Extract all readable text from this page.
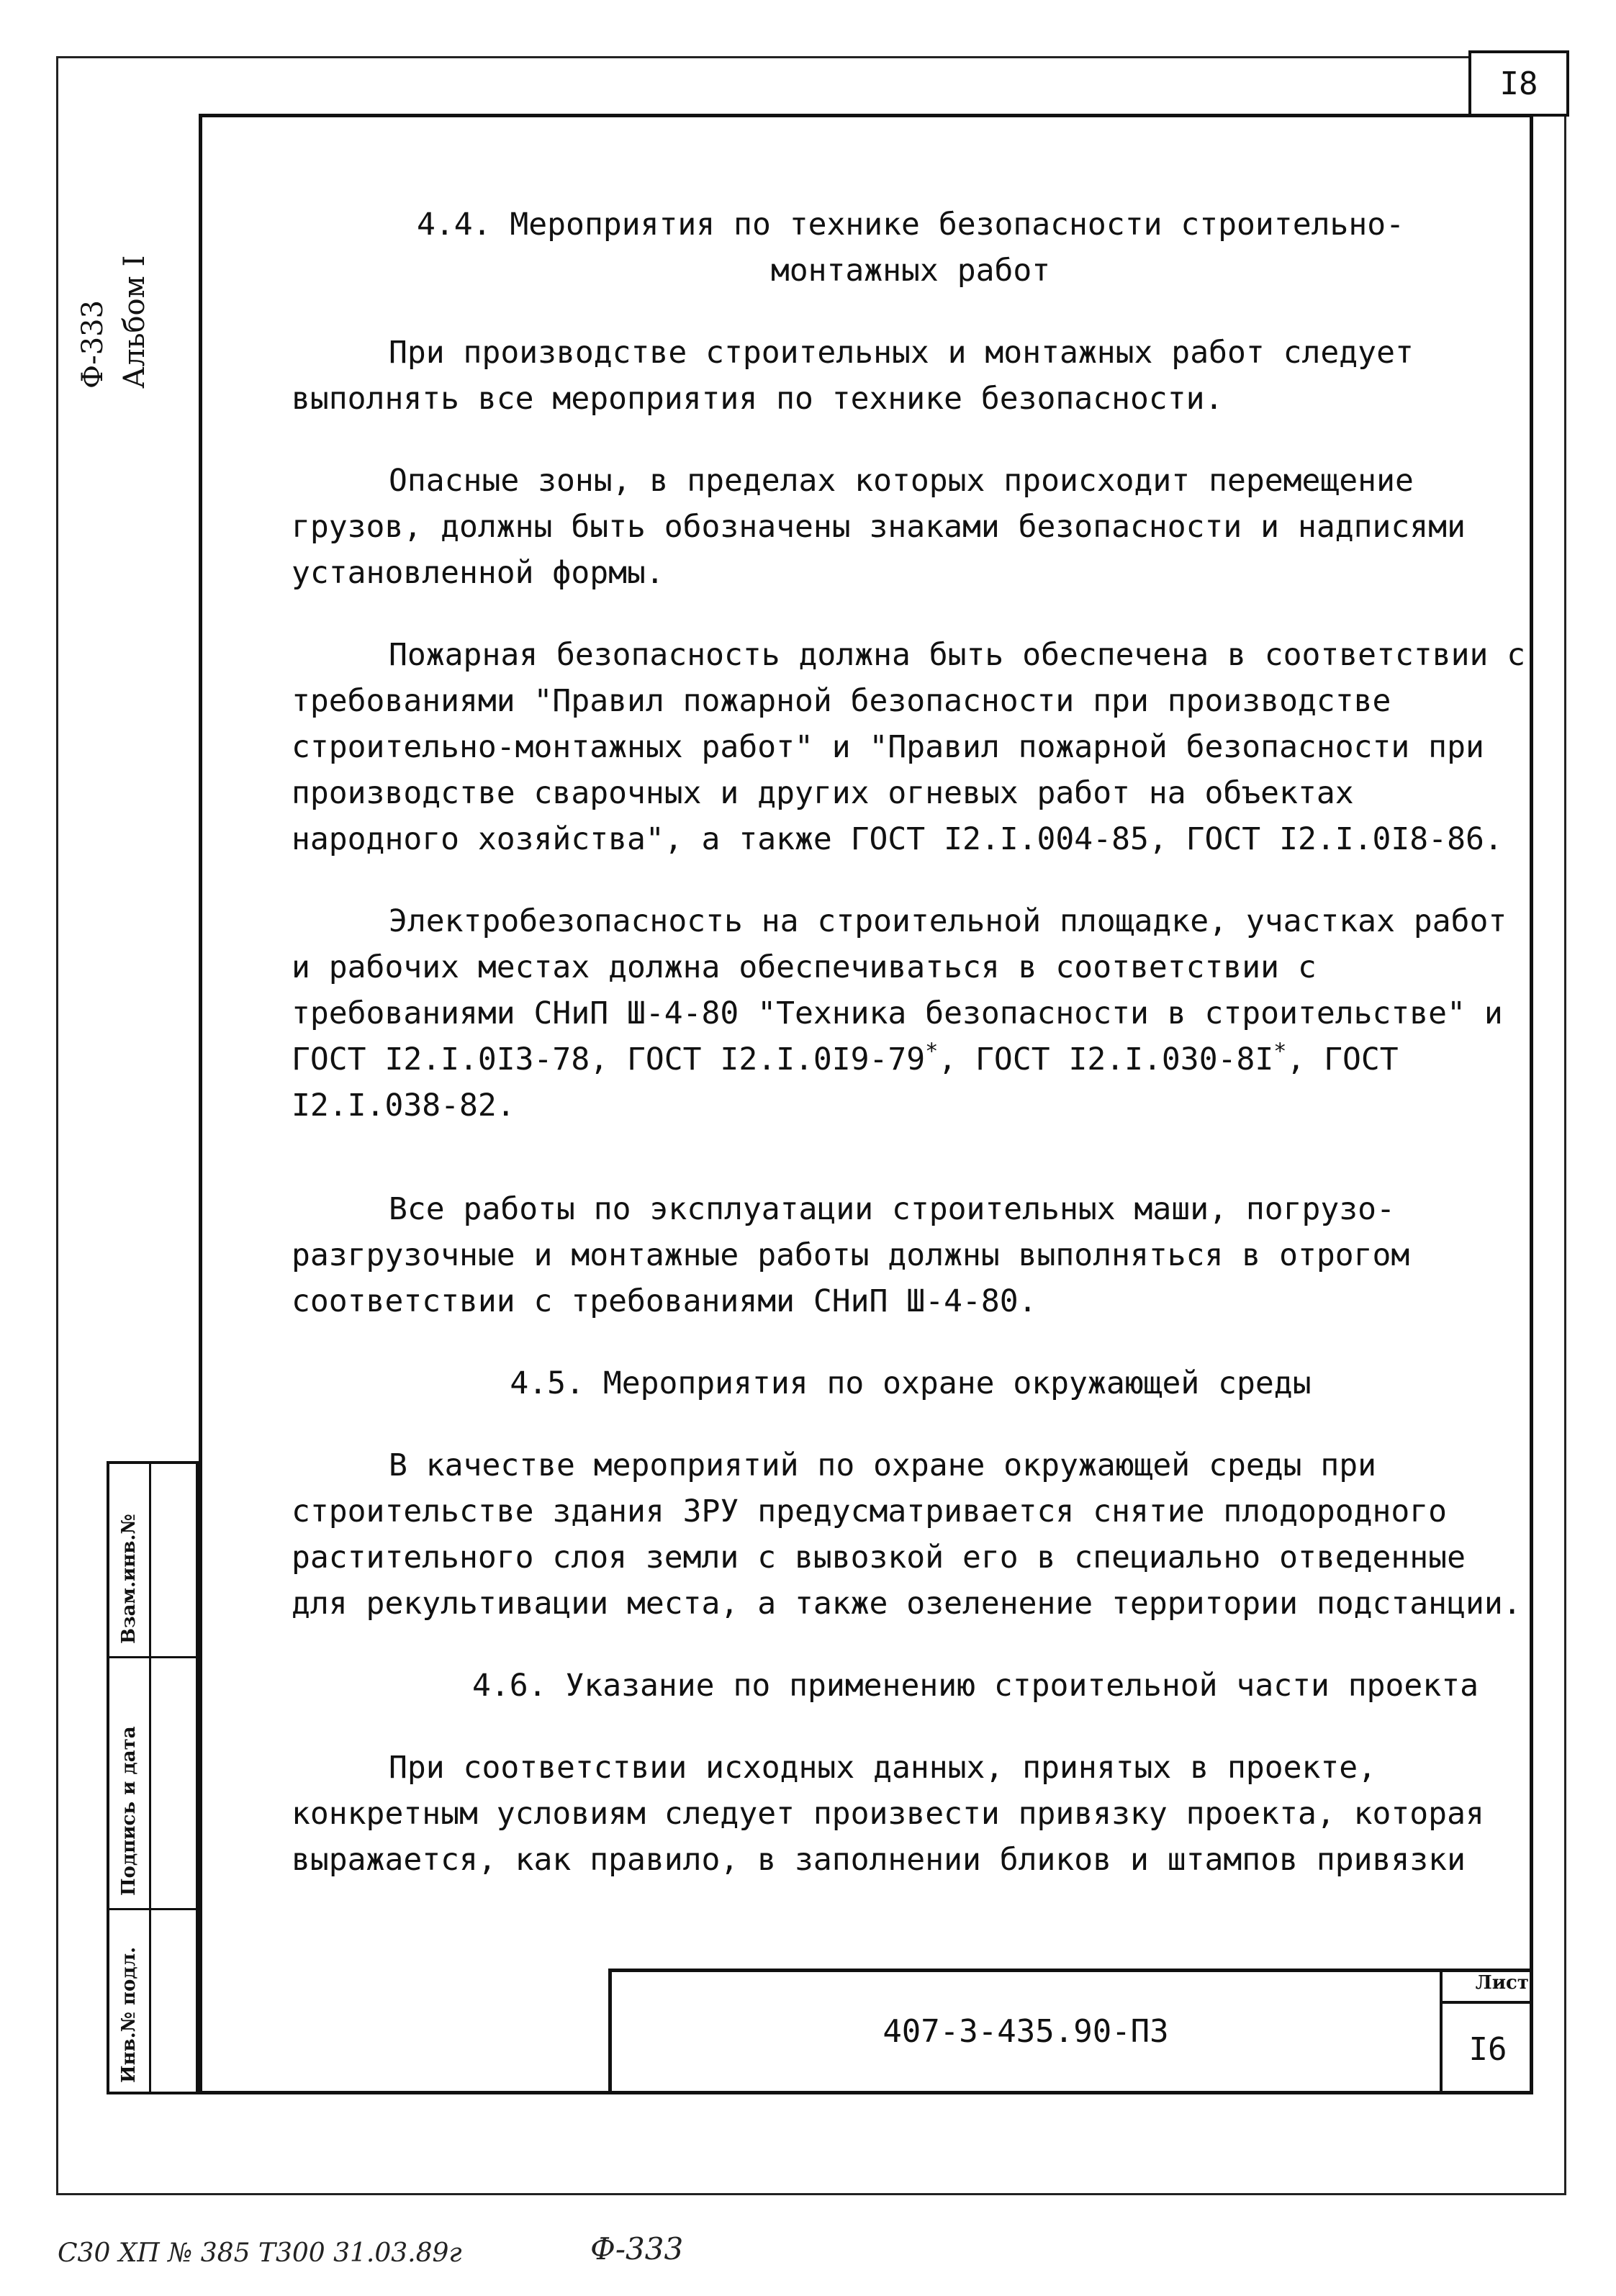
I8
Ф-333 Альбом I
Взам.инв.№
Подпись и дата
Инв.№ подл.

4.4. Мероприятия по технике безопасности строительно-
монтажных работ

При производстве строительных и монтажных работ следует выполнять все мероприятия по технике безопасности.

Опасные зоны, в пределах которых происходит перемещение грузов, должны быть обозначены знаками безопасности и надписями установленной формы.

Пожарная безопасность должна быть обеспечена в соответствии с требованиями "Правил пожарной безопасности при производстве строительно-монтажных работ" и "Правил пожарной безопасности при производстве сварочных и других огневых работ на объектах народного хозяйства", а также ГОСТ I2.I.004-85, ГОСТ I2.I.0I8-86.

Электробезопасность на строительной площадке, участках работ и рабочих местах должна обеспечиваться в соответствии с требованиями СНиП Ш-4-80 "Техника безопасности в строительстве" и ГОСТ I2.I.0I3-78, ГОСТ I2.I.0I9-79*, ГОСТ I2.I.030-8I*, ГОСТ I2.I.038-82.

Все работы по эксплуатации строительных маши, погрузо-разгрузочные и монтажные работы должны выполняться в отрогом соответствии с требованиями СНиП Ш-4-80.

4.5. Мероприятия по охране окружающей среды

В качестве мероприятий по охране окружающей среды при строительстве здания ЗРУ предусматривается снятие плодородного растительного слоя земли с вывозкой его в специально отведенные для рекультивации места, а также озеленение территории подстанции.

4.6. Указание по применению строительной части проекта

При соответствии исходных данных, принятых в проекте, конкретным условиям следует произвести привязку проекта, которая выражается, как правило, в заполнении бликов и штампов привязки

407-3-435.90-ПЗ
Лист
I6
С30 ХП № 385 Т300 31.03.89г	Ф-333
